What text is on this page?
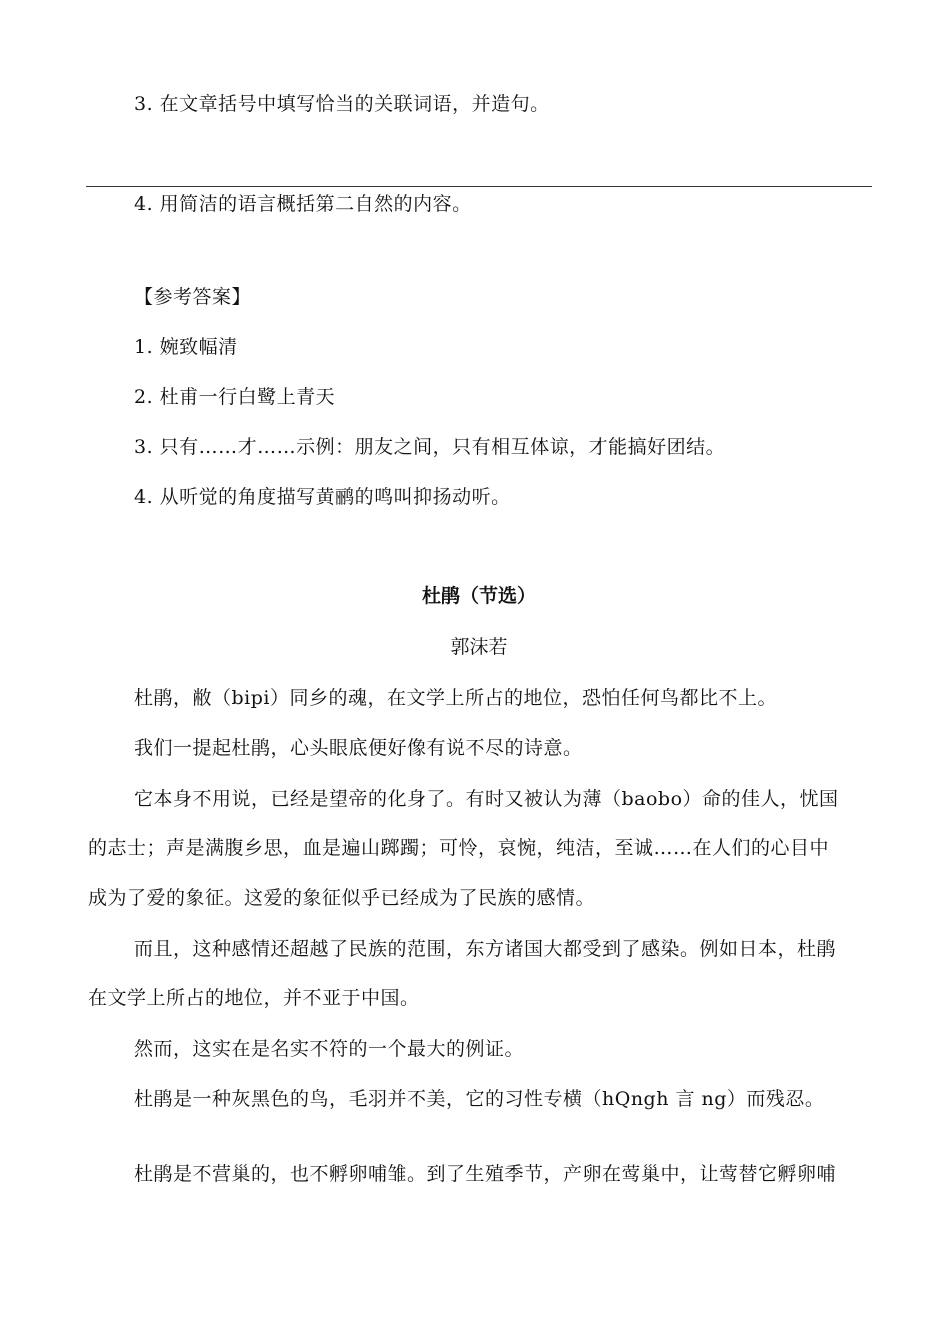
3. 在文章括号中填写恰当的关联词语，并造句。
4. 用简洁的语言概括第二自然的内容。
【参考答案】
1. 婉致幅清
2. 杜甫一行白鹭上青天
3. 只有……才……示例：朋友之间，只有相互体谅，才能搞好团结。
4. 从听觉的角度描写黄鹂的鸣叫抑扬动听。
杜鹃（节选）
郭沫若
杜鹃，敝（bipi）同乡的魂，在文学上所占的地位，恐怕任何鸟都比不上。
我们一提起杜鹃，心头眼底便好像有说不尽的诗意。
它本身不用说，已经是望帝的化身了。有时又被认为薄（baobo）命的佳人，忧国
的志士；声是满腹乡思，血是遍山踯躅；可怜，哀惋，纯洁，至诚……在人们的心目中
成为了爱的象征。这爱的象征似乎已经成为了民族的感情。
而且，这种感情还超越了民族的范围，东方诸国大都受到了感染。例如日本，杜鹃
在文学上所占的地位，并不亚于中国。
然而，这实在是名实不符的一个最大的例证。
杜鹃是一种灰黑色的鸟，毛羽并不美，它的习性专横（hQngh 言 ng）而残忍。
杜鹃是不营巢的，也不孵卵哺雏。到了生殖季节，产卵在莺巢中，让莺替它孵卵哺
